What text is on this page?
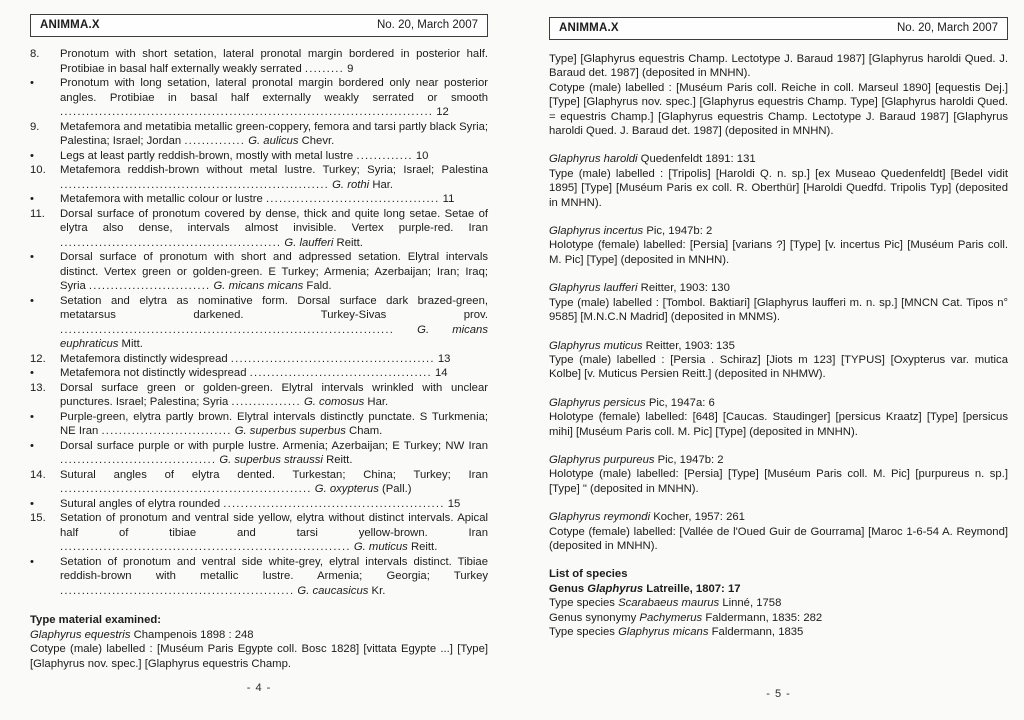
ANIMMA.X	No. 20, March 2007
8.	Pronotum with short setation, lateral pronotal margin bordered in posterior half. Protibiae in basal half externally weakly serrated ......... 9
•	Pronotum with long setation, lateral pronotal margin bordered only near posterior angles. Protibiae in basal half externally weakly serrated or smooth ...................................................................................... 12
9.	Metafemora and metatibia metallic green-coppery, femora and tarsi partly black Syria; Palestina; Israel; Jordan .............. G. aulicus Chevr.
•	Legs at least partly reddish-brown, mostly with metal lustre ............. 10
10.	Metafemora reddish-brown without metal lustre. Turkey; Syria; Israel; Palestina .............................................................. G. rothi Har.
•	Metafemora with metallic colour or lustre ........................................ 11
11.	Dorsal surface of pronotum covered by dense, thick and quite long setae. Setae of elytra also dense, intervals almost invisible. Vertex purple-red. Iran ................................................... G. laufferi Reitt.
•	Dorsal surface of pronotum with short and adpressed setation. Elytral intervals distinct. Vertex green or golden-green. E Turkey; Armenia; Azerbaijan; Iran; Iraq; Syria ............................ G. micans micans Fald.
•	Setation and elytra as nominative form. Dorsal surface dark brazed-green, metatarsus darkened. Turkey-Sivas prov. ............................................................................. G. micans euphraticus Mitt.
12.	Metafemora distinctly widespread ............................................... 13
•	Metafemora not distinctly widespread .......................................... 14
13.	Dorsal surface green or golden-green. Elytral intervals wrinkled with unclear punctures. Israel; Palestina; Syria ................ G. comosus Har.
•	Purple-green, elytra partly brown. Elytral intervals distinctly punctate. S Turkmenia; NE Iran .............................. G. superbus superbus Cham.
•	Dorsal surface purple or with purple lustre. Armenia; Azerbaijan; E Turkey; NW Iran .................................... G. superbus straussi Reitt.
14.	Sutural angles of elytra dented. Turkestan; China; Turkey; Iran .......................................................... G. oxypterus (Pall.)
•	Sutural angles of elytra rounded ................................................... 15
15.	Setation of pronotum and ventral side yellow, elytra without distinct intervals. Apical half of tibiae and tarsi yellow-brown. Iran ................................................................... G. muticus Reitt.
•	Setation of pronotum and ventral side white-grey, elytral intervals distinct. Tibiae reddish-brown with metallic lustre. Armenia; Georgia; Turkey ...................................................... G. caucasicus Kr.
Type material examined:
Glaphyrus equestris Champenois 1898 : 248
Cotype (male) labelled : [Muséum Paris Egypte coll. Bosc 1828] [vittata Egypte ...] [Type] [Glaphyrus nov. spec.] [Glaphyrus equestris Champ.
- 4 -
ANIMMA.X	No. 20, March 2007
Type] [Glaphyrus equestris Champ. Lectotype J. Baraud 1987] [Glaphyrus haroldi Qued. J. Baraud det. 1987] (deposited in MNHN).
Cotype (male) labelled : [Muséum Paris coll. Reiche in coll. Marseul 1890] [equestis Dej.] [Type] [Glaphyrus nov. spec.] [Glaphyrus equestris Champ. Type] [Glaphyrus haroldi Qued. = equestris Champ.] [Glaphyrus equestris Champ. Lectotype J. Baraud 1987] [Glaphyrus haroldi Qued. J. Baraud det. 1987] (deposited in MNHN).
Glaphyrus haroldi Quedenfeldt 1891: 131
Type (male) labelled : [Tripolis] [Haroldi Q. n. sp.] [ex Museao Quedenfeldt] [Bedel vidit 1895] [Type] [Muséum Paris ex coll. R. Oberthür] [Haroldi Quedfd. Tripolis Typ] (deposited in MNHN).
Glaphyrus incertus Pic, 1947b: 2
Holotype (female) labelled: [Persia] [varians ?] [Type] [v. incertus Pic] [Muséum Paris coll. M. Pic] [Type] (deposited in MNHN).
Glaphyrus laufferi Reitter, 1903: 130
Type (male) labelled : [Tombol. Baktiari] [Glaphyrus laufferi m. n. sp.] [MNCN Cat. Tipos n° 9585] [M.N.C.N Madrid] (deposited in MNMS).
Glaphyrus muticus Reitter, 1903: 135
Type (male) labelled : [Persia . Schiraz] [Jiots m 123] [TYPUS] [Oxypterus var. mutica Kolbe] [v. Muticus Persien Reitt.] (deposited in NHMW).
Glaphyrus persicus Pic, 1947a: 6
Holotype (female) labelled: [648] [Caucas. Staudinger] [persicus Kraatz] [Type] [persicus mihi] [Muséum Paris coll. M. Pic] [Type] (deposited in MNHN).
Glaphyrus purpureus Pic, 1947b: 2
Holotype (male) labelled: [Persia] [Type] [Muséum Paris coll. M. Pic] [purpureus n. sp.] [Type] " (deposited in MNHN).
Glaphyrus reymondi Kocher, 1957: 261
Cotype (female) labelled: [Vallée de l'Oued Guir de Gourrama] [Maroc 1-6-54 A. Reymond] (deposited in MNHN).
List of species
Genus Glaphyrus Latreille, 1807: 17
Type species Scarabaeus maurus Linné, 1758
Genus synonymy Pachymerus Faldermann, 1835: 282
Type species Glaphyrus micans Faldermann, 1835
- 5 -
